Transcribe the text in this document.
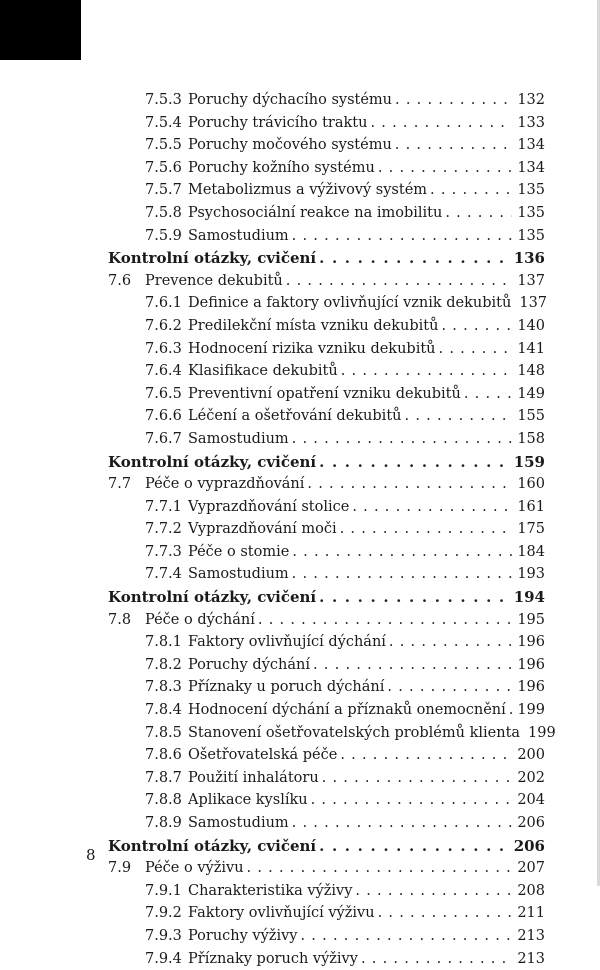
7.5.3 Poruchy dýchacího systému . . .	132
7.5.4 Poruchy trávicího traktu . . .	133
7.5.5 Poruchy močového systému . . .	134
7.5.6 Poruchy kožního systému . . .	134
7.5.7 Metabolizmus a výživový systém . . .	135
7.5.8 Psychosociální reakce na imobilitu . . .	135
7.5.9 Samostudium . . .	135
Kontrolní otázky, cvičení . . .	136
7.6 Prevence dekubitů . . .	137
7.6.1 Definice a faktory ovlivňující vznik dekubitů 137
7.6.2 Predilekční místa vzniku dekubitů . . .	140
7.6.3 Hodnocení rizika vzniku dekubitů . . .	141
7.6.4 Klasifikace dekubitů . . .	148
7.6.5 Preventivní opatření vzniku dekubitů . . .	149
7.6.6 Léčení a ošetřování dekubitů . . .	155
7.6.7 Samostudium . . .	158
Kontrolní otázky, cvičení . . .	159
7.7 Péče o vyprazdňování . . .	160
7.7.1 Vyprazdňování stolice . . .	161
7.7.2 Vyprazdňování moči . . .	175
7.7.3 Péče o stomie . . .	184
7.7.4 Samostudium . . .	193
Kontrolní otázky, cvičení . . .	194
7.8 Péče o dýchání . . .	195
7.8.1 Faktory ovlivňující dýchání . . .	196
7.8.2 Poruchy dýchání . . .	196
7.8.3 Příznaky u poruch dýchání . . .	196
7.8.4 Hodnocení dýchání a příznaků onemocnění . . . 199
7.8.5 Stanovení ošetřovatelských problémů klienta 199
7.8.6 Ošetřovatelská péče . . .	200
7.8.7 Použití inhalátoru . . .	202
7.8.8 Aplikace kyslíku . . .	204
7.8.9 Samostudium . . .	206
Kontrolní otázky, cvičení . . .	206
7.9 Péče o výživu . . .	207
7.9.1 Charakteristika výživy . . .	208
7.9.2 Faktory ovlivňující výživu . . .	211
7.9.3 Poruchy výživy . . .	213
7.9.4 Příznaky poruch výživy . . .	213
8
